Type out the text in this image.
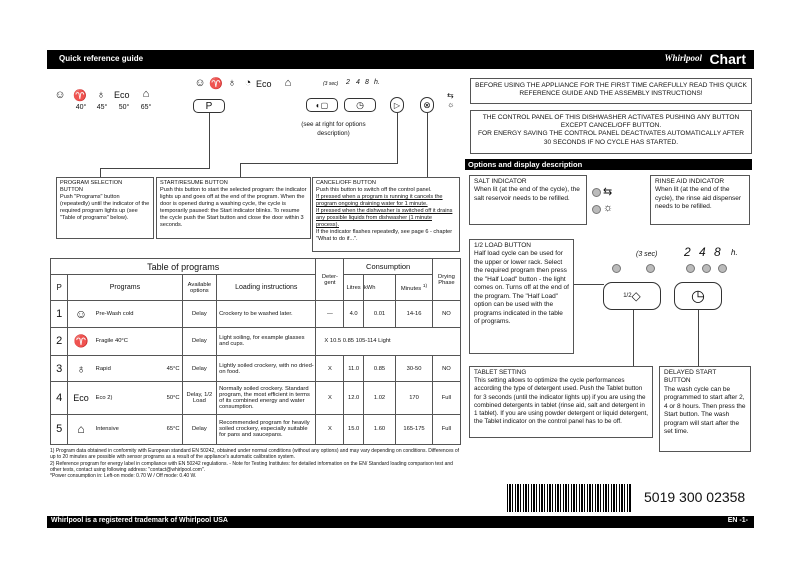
Quick reference guide	Whirlpool Chart
☺ ♈ ♁ Eco	⌂
40°	45°	50°	65°
☺ ♈ ♁ ◔ Eco	⌂
P
(3 sec) 2 4 8 h.
◐▢	◷	▷	⊗
⇆
☼
(see at right for options description)
PROGRAM SELECTION
BUTTON
Push "Programs" button (repeatedly) until the indicator of the required program lights up (see "Table of programs" below).
START/RESUME BUTTON
Push this button to start the selected program: the indicator lights up and goes off at the end of the program. When the door is opened during a washing cycle, the cycle is temporarily paused: the Start indicator blinks. To resume the cycle push the Start button and close the door within 3 seconds.
CANCEL/OFF BUTTON
Push this button to switch off the control panel.
If pressed when a program is running it cancels the program ongoing draining water for 1 minute.
If pressed when the dishwasher is switched off it drains any possible liquids from dishwasher (1 minute process).
If the indicator flashes repeatedly, see page 6 - chapter "What to do if...".
BEFORE USING THE APPLIANCE FOR THE FIRST TIME CAREFULLY READ THIS QUICK REFERENCE GUIDE AND THE ASSEMBLY INSTRUCTIONS!
THE CONTROL PANEL OF THIS DISHWASHER ACTIVATES PUSHING ANY BUTTON EXCEPT CANCEL/OFF BUTTON.
FOR ENERGY SAVING THE CONTROL PANEL DEACTIVATES AUTOMATICALLY AFTER 30 SECONDS IF NO CYCLE HAS STARTED.
Options and display description
SALT INDICATOR
When lit (at the end of the cycle), the salt reservoir needs to be refilled.
⇆
☼
RINSE AID INDICATOR
When lit (at the end of the cycle), the rinse aid dispenser needs to be refilled.
1/2 LOAD BUTTON
Half load cycle can be used for the upper or lower rack. Select the required program then press the "Half Load" button - the light comes on. Turns off at the end of the program. The "Half Load" option can be used with the programs indicated in the table of programs.
(3 sec) 2 4 8 h.
1/2 ◇	◷
TABLET SETTING
This setting allows to optimize the cycle performances according the type of detergent used. Push the Tablet button for 3 seconds (until the indicator lights up) if you are using the combined detergents in tablet (rinse aid, salt and detergent in 1 tablet). If you are using powder detergent or liquid detergent, the Tablet indicator on the control panel has to be off.
DELAYED START
BUTTON
The wash cycle can be programmed to start after 2, 4 or 8 hours. Then press the Start button. The wash program will start after the set time.
Table of programs					Deter-gent	Consumption			Drying Phase
P	Programs		Available options	Loading instructions		Litres	kWh	Minutes $^{1)}$
1	☺	Pre-Wash cold	Delay	Crockery to be washed later.	—	4.0	0.01	14-16	NO
2	♈	Fragile 40°C	Delay	Light soiling, for example glasses and cups.	X 10.5 0.85 105-114 Light				
3	♁	Rapid 45°C	Delay	Lightly soiled crockery, with no dried-on food.	X	11.0	0.85	30-50	NO
4	Eco	Eco 2) 50°C	Delay, 1/2 Load	Normally soiled crockery. Standard program, the most efficient in terms of its combined energy and water consumption.	X	12.0	1.02	170	Full
5	⌂	Intensive 65°C	Delay	Recommended program for heavily soiled crockery, especially suitable for pans and saucepans.	X	15.0	1.60	165-175	Full
1) Program data obtained in conformity with European standard EN 50242, obtained under normal conditions (without any options) and may vary depending on conditions. Differences of up to 20 minutes are possible with sensor programs as a result of the appliance's automatic calibration system.
2) Reference program for energy label in compliance with EN 50242 regulations. - Note for Testing Institutes: for detailed information on the EN/ Standard loading comparison test and other tests, contact using following address: "contact@whirlpool.com".
*Power consumption in: Left-on mode: 0.70 W / Off mode: 0.40 W.
5019 300 02358
Whirlpool is a registered trademark of Whirlpool USA	EN -1-
